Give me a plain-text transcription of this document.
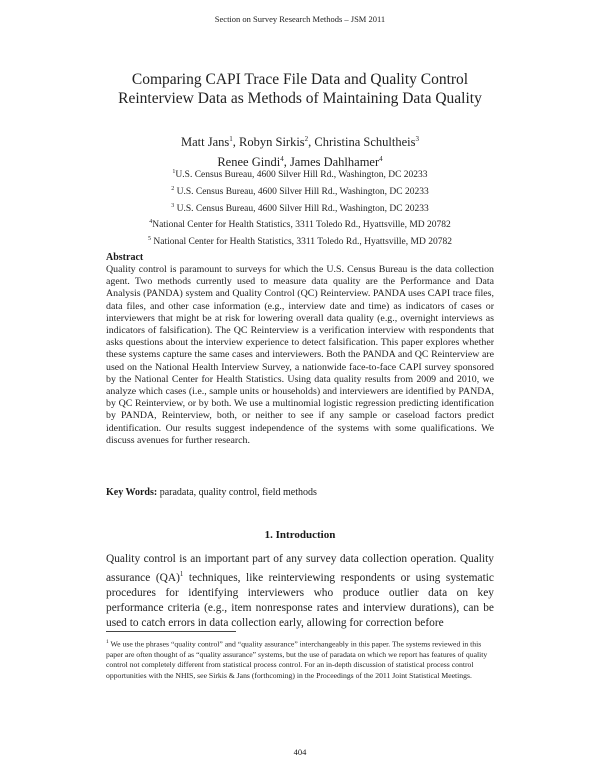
Section on Survey Research Methods – JSM 2011
Comparing CAPI Trace File Data and Quality Control
Reinterview Data as Methods of Maintaining Data Quality
Matt Jans$^1$, Robyn Sirkis$^2$, Christina Schultheis$^3$
Renee Gindi$^4$, James Dahlhamer$^4$
$^1$U.S. Census Bureau, 4600 Silver Hill Rd., Washington, DC 20233
$^2$ U.S. Census Bureau, 4600 Silver Hill Rd., Washington, DC 20233
$^3$ U.S. Census Bureau, 4600 Silver Hill Rd., Washington, DC 20233
$^4$National Center for Health Statistics, 3311 Toledo Rd., Hyattsville, MD 20782
$^5$ National Center for Health Statistics, 3311 Toledo Rd., Hyattsville, MD 20782
Abstract
Quality control is paramount to surveys for which the U.S. Census Bureau is the data collection agent. Two methods currently used to measure data quality are the Performance and Data Analysis (PANDA) system and Quality Control (QC) Reinterview. PANDA uses CAPI trace files, data files, and other case information (e.g., interview date and time) as indicators of cases or interviewers that might be at risk for lowering overall data quality (e.g., overnight interviews as indicators of falsification). The QC Reinterview is a verification interview with respondents that asks questions about the interview experience to detect falsification. This paper explores whether these systems capture the same cases and interviewers. Both the PANDA and QC Reinterview are used on the National Health Interview Survey, a nationwide face-to-face CAPI survey sponsored by the National Center for Health Statistics. Using data quality results from 2009 and 2010, we analyze which cases (i.e., sample units or households) and interviewers are identified by PANDA, by QC Reinterview, or by both. We use a multinomial logistic regression predicting identification by PANDA, Reinterview, both, or neither to see if any sample or caseload factors predict identification. Our results suggest independence of the systems with some qualifications. We discuss avenues for further research.
Key Words: paradata, quality control, field methods
1. Introduction
Quality control is an important part of any survey data collection operation. Quality assurance (QA)$^1$ techniques, like reinterviewing respondents or using systematic procedures for identifying interviewers who produce outlier data on key performance criteria (e.g., item nonresponse rates and interview durations), can be used to catch errors in data collection early, allowing for correction before
$^1$ We use the phrases “quality control” and “quality assurance” interchangeably in this paper. The systems reviewed in this paper are often thought of as “quality assurance” systems, but the use of paradata on which we report has features of quality control not completely different from statistical process control. For an in-depth discussion of statistical process control opportunities with the NHIS, see Sirkis & Jans (forthcoming) in the Proceedings of the 2011 Joint Statistical Meetings.
404
